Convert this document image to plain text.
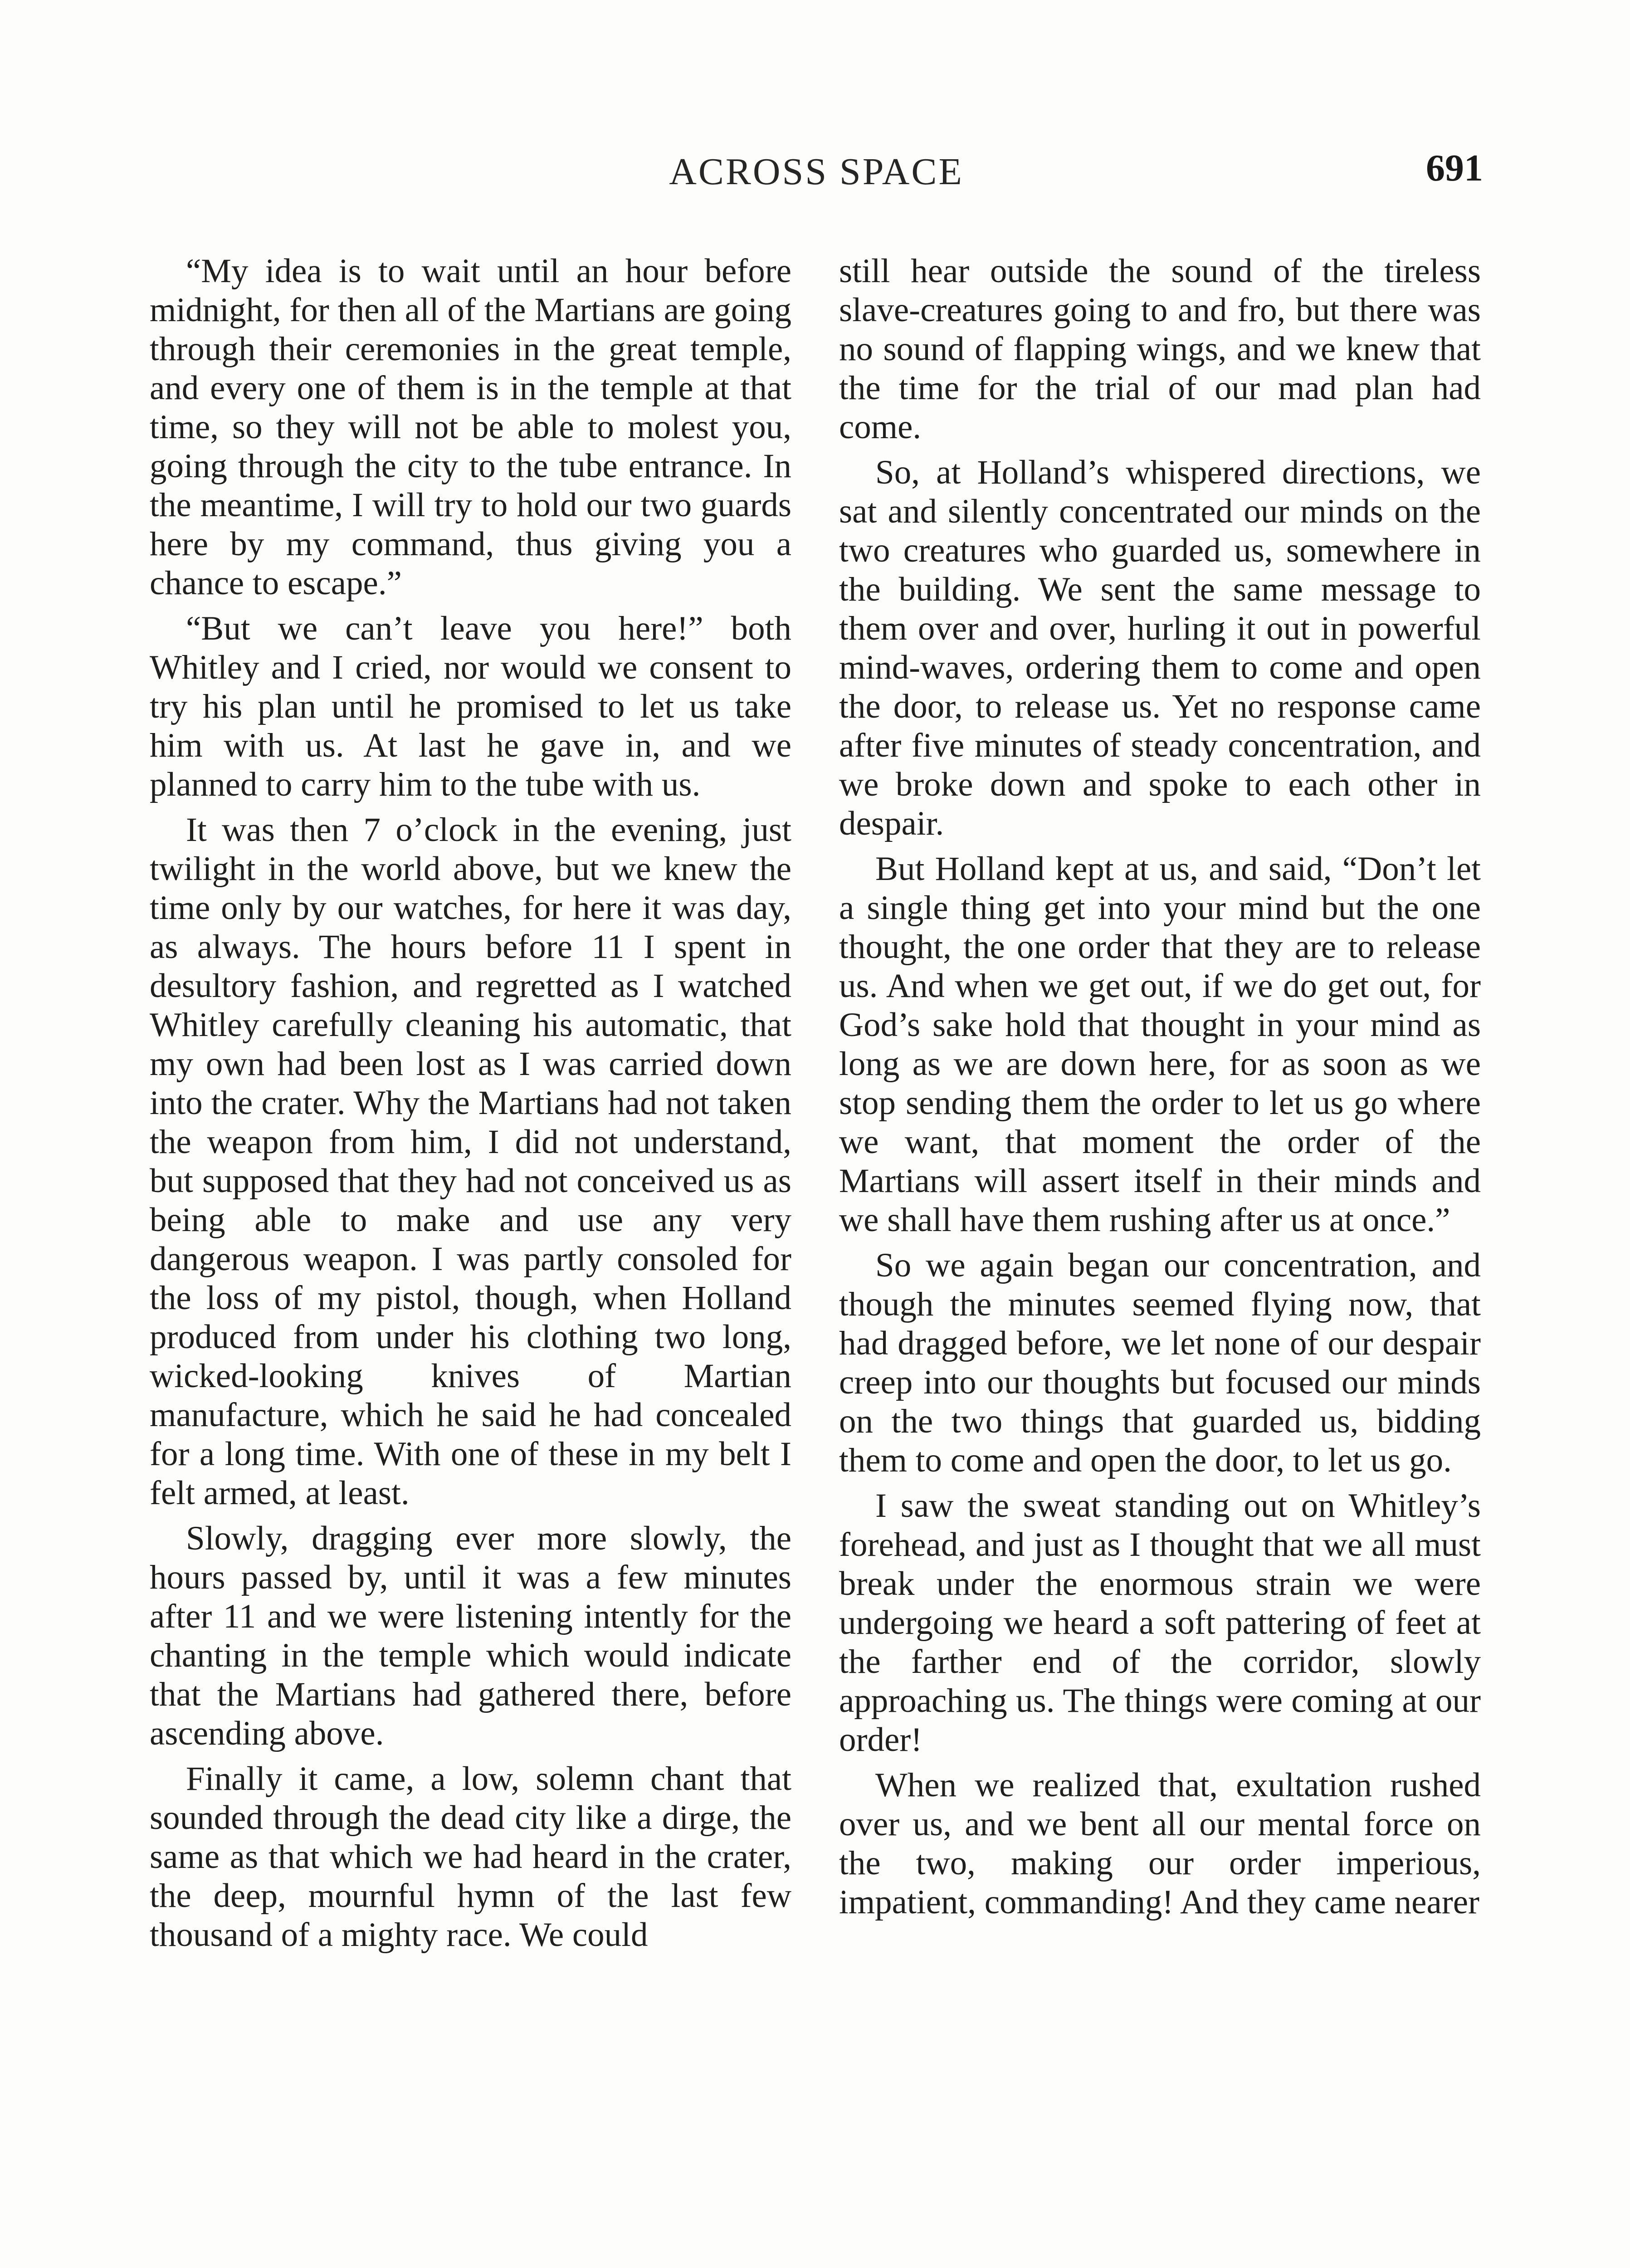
ACROSS SPACE	691

“My idea is to wait until an hour before midnight, for then all of the Martians are going through their ceremonies in the great temple, and every one of them is in the temple at that time, so they will not be able to molest you, going through the city to the tube entrance. In the meantime, I will try to hold our two guards here by my command, thus giving you a chance to escape.”

“But we can’t leave you here!” both Whitley and I cried, nor would we consent to try his plan until he promised to let us take him with us. At last he gave in, and we planned to carry him to the tube with us.

It was then 7 o’clock in the evening, just twilight in the world above, but we knew the time only by our watches, for here it was day, as always. The hours before 11 I spent in desultory fashion, and regretted as I watched Whitley carefully cleaning his automatic, that my own had been lost as I was carried down into the crater. Why the Martians had not taken the weapon from him, I did not understand, but supposed that they had not conceived us as being able to make and use any very dangerous weapon. I was partly consoled for the loss of my pistol, though, when Holland produced from under his clothing two long, wicked-looking knives of Martian manufacture, which he said he had concealed for a long time. With one of these in my belt I felt armed, at least.

Slowly, dragging ever more slowly, the hours passed by, until it was a few minutes after 11 and we were listening intently for the chanting in the temple which would indicate that the Martians had gathered there, before ascending above.

Finally it came, a low, solemn chant that sounded through the dead city like a dirge, the same as that which we had heard in the crater, the deep, mournful hymn of the last few thousand of a mighty race. We could

still hear outside the sound of the tireless slave-creatures going to and fro, but there was no sound of flapping wings, and we knew that the time for the trial of our mad plan had come.

So, at Holland’s whispered directions, we sat and silently concentrated our minds on the two creatures who guarded us, somewhere in the building. We sent the same message to them over and over, hurling it out in powerful mind-waves, ordering them to come and open the door, to release us. Yet no response came after five minutes of steady concentration, and we broke down and spoke to each other in despair.

But Holland kept at us, and said, “Don’t let a single thing get into your mind but the one thought, the one order that they are to release us. And when we get out, if we do get out, for God’s sake hold that thought in your mind as long as we are down here, for as soon as we stop sending them the order to let us go where we want, that moment the order of the Martians will assert itself in their minds and we shall have them rushing after us at once.”

So we again began our concentration, and though the minutes seemed flying now, that had dragged before, we let none of our despair creep into our thoughts but focused our minds on the two things that guarded us, bidding them to come and open the door, to let us go.

I saw the sweat standing out on Whitley’s forehead, and just as I thought that we all must break under the enormous strain we were undergoing we heard a soft pattering of feet at the farther end of the corridor, slowly approaching us. The things were coming at our order!

When we realized that, exultation rushed over us, and we bent all our mental force on the two, making our order imperious, impatient, commanding! And they came nearer
